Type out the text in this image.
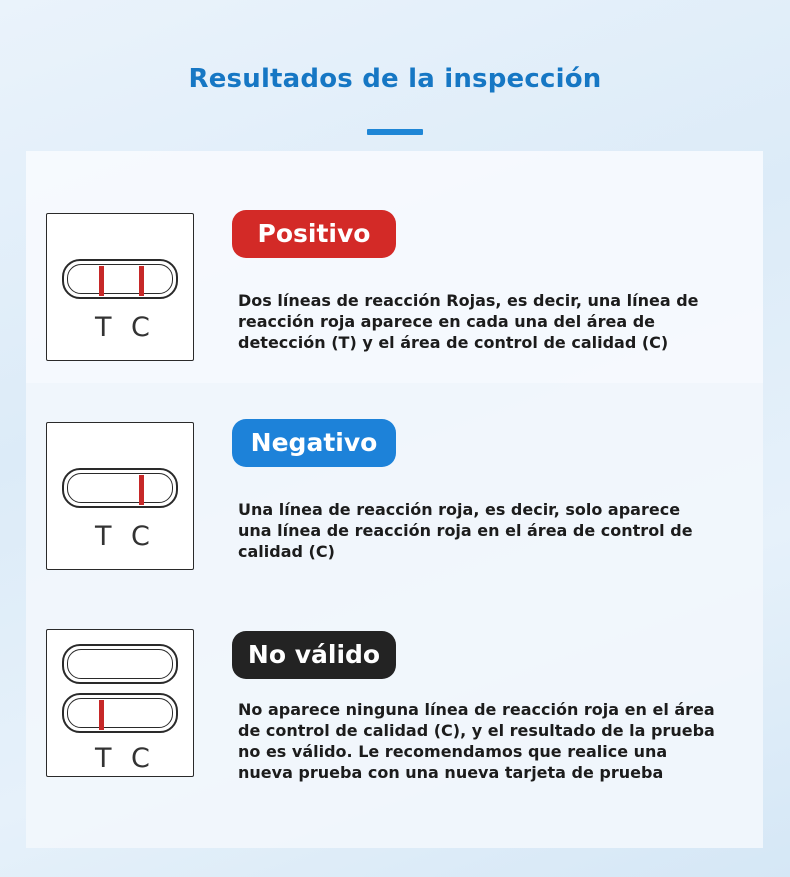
Resultados de la inspección
T C
Positivo

Dos líneas de reacción Rojas, es decir, una línea de reacción roja aparece en cada una del área de detección (T) y el área de control de calidad (C)

T C
Negativo

Una línea de reacción roja, es decir, solo aparece una línea de reacción roja en el área de control de calidad (C)

T C
No válido

No aparece ninguna línea de reacción roja en el área de control de calidad (C), y el resultado de la prueba no es válido. Le recomendamos que realice una nueva prueba con una nueva tarjeta de prueba
